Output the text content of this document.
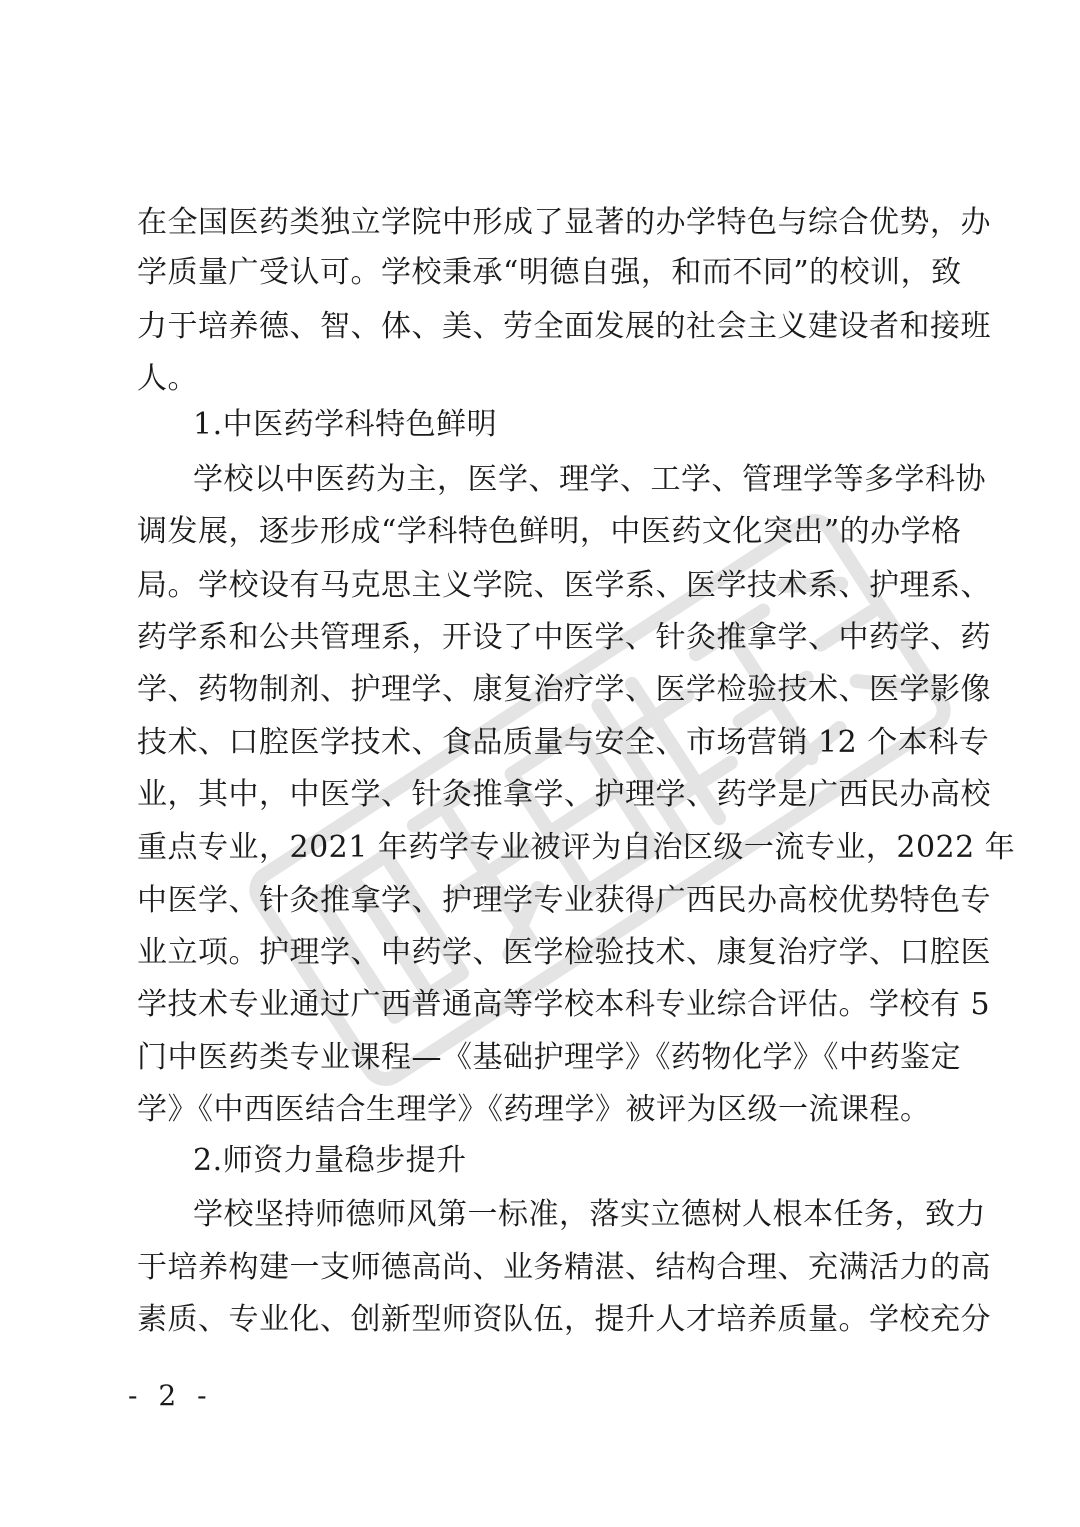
在全国医药类独立学院中形成了显著的办学特色与综合优势，办
学质量广受认可。学校秉承“明德自强，和而不同”的校训，致
力于培养德、智、体、美、劳全面发展的社会主义建设者和接班
人。
1.中医药学科特色鲜明
学校以中医药为主，医学、理学、工学、管理学等多学科协
调发展，逐步形成“学科特色鲜明，中医药文化突出”的办学格
局。学校设有马克思主义学院、医学系、医学技术系、护理系、
药学系和公共管理系，开设了中医学、针灸推拿学、中药学、药
学、药物制剂、护理学、康复治疗学、医学检验技术、医学影像
技术、口腔医学技术、食品质量与安全、市场营销 12 个本科专
业，其中，中医学、针灸推拿学、护理学、药学是广西民办高校
重点专业，2021 年药学专业被评为自治区级一流专业，2022 年
中医学、针灸推拿学、护理学专业获得广西民办高校优势特色专
业立项。护理学、中药学、医学检验技术、康复治疗学、口腔医
学技术专业通过广西普通高等学校本科专业综合评估。学校有 5
门中医药类专业课程—《基础护理学》《药物化学》《中药鉴定
学》《中西医结合生理学》《药理学》被评为区级一流课程。
2.师资力量稳步提升
学校坚持师德师风第一标准，落实立德树人根本任务，致力
于培养构建一支师德高尚、业务精湛、结构合理、充满活力的高
素质、专业化、创新型师资队伍，提升人才培养质量。学校充分
- 2 -
